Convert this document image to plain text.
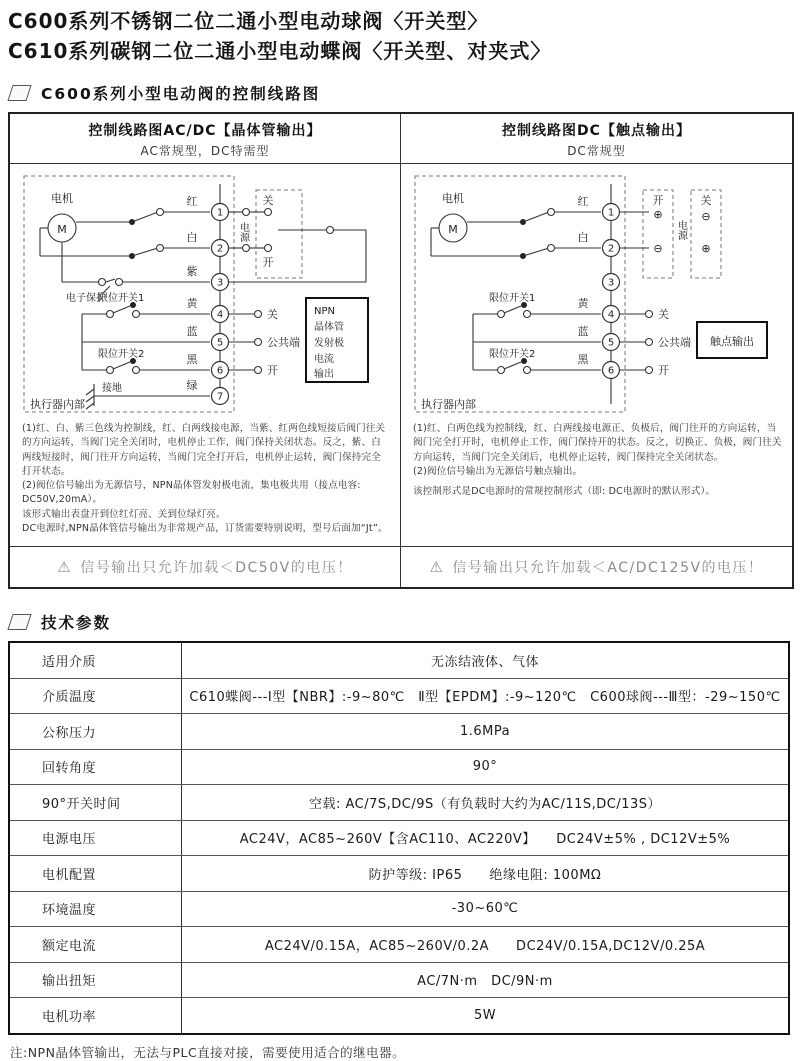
C600系列不锈钢二位二通小型电动球阀〈开关型〉
C610系列碳钢二位二通小型电动蝶阀〈开关型、对夹式〉
C600系列小型电动阀的控制线路图
控制线路图AC/DC【晶体管输出】
AC常规型，DC特需型
电机
M
红
白
紫
电子保护
限位开关1	黄
蓝
限位开关2	黑
接地	绿
1
2
3
4
5
6
7
关
开
电源
关
公共端
开
NPN
晶体管
发射极
电流
输出
执行器内部
(1)红、白、紫三色线为控制线，红、白两线接电源，当紫、红两色线短接后阀门往关的方向运转，当阀门完全关闭时，电机停止工作，阀门保持关闭状态。反之，紫、白两线短接时，阀门往开方向运转，当阀门完全打开后，电机停止运转，阀门保持完全打开状态。
(2)阀位信号输出为无源信号，NPN晶体管发射极电流，集电极共用（接点电容: DC50V,20mA）。
该形式输出表盘开到位红灯亮、关到位绿灯亮。
DC电源时,NPN晶体管信号输出为非常规产品，订货需要特别说明，型号后面加“Jt”。
⚠ 信号输出只允许加载＜DC50V的电压！
控制线路图DC【触点输出】
DC常规型
电机
M
红
白
限位开关1	黄
蓝
限位开关2	黑
1
2
3
4
5
6
开
⊕
⊖
电源
关
⊖
⊕
关
公共端
开
触点输出
执行器内部
(1)红、白两色线为控制线，红、白两线接电源正、负极后，阀门往开的方向运转，当阀门完全打开时，电机停止工作，阀门保持开的状态。反之，切换正、负极，阀门往关方向运转，当阀门完全关闭后，电机停止运转，阀门保持完全关闭状态。
(2)阀位信号输出为无源信号触点输出。
该控制形式是DC电源时的常规控制形式（即: DC电源时的默认形式）。
⚠ 信号输出只允许加载＜AC/DC125V的电压！
技术参数
适用介质	无冻结液体、气体
介质温度	C610蝶阀---Ⅰ型【NBR】:-9~80℃　Ⅱ型【EPDM】:-9~120℃　C600球阀---Ⅲ型：-29~150℃
公称压力	1.6MPa
回转角度	90°
90°开关时间	空载: AC/7S,DC/9S（有负载时大约为AC/11S,DC/13S）
电源电压	AC24V，AC85~260V【含AC110、AC220V】　　DC24V±5% , DC12V±5%
电机配置	防护等级: IP65　　绝缘电阻: 100MΩ
环境温度	-30~60℃
额定电流	AC24V/0.15A，AC85~260V/0.2A　　DC24V/0.15A,DC12V/0.25A
输出扭矩	AC/7N·m　DC/9N·m
电机功率	5W
注:NPN晶体管输出，无法与PLC直接对接，需要使用适合的继电器。
